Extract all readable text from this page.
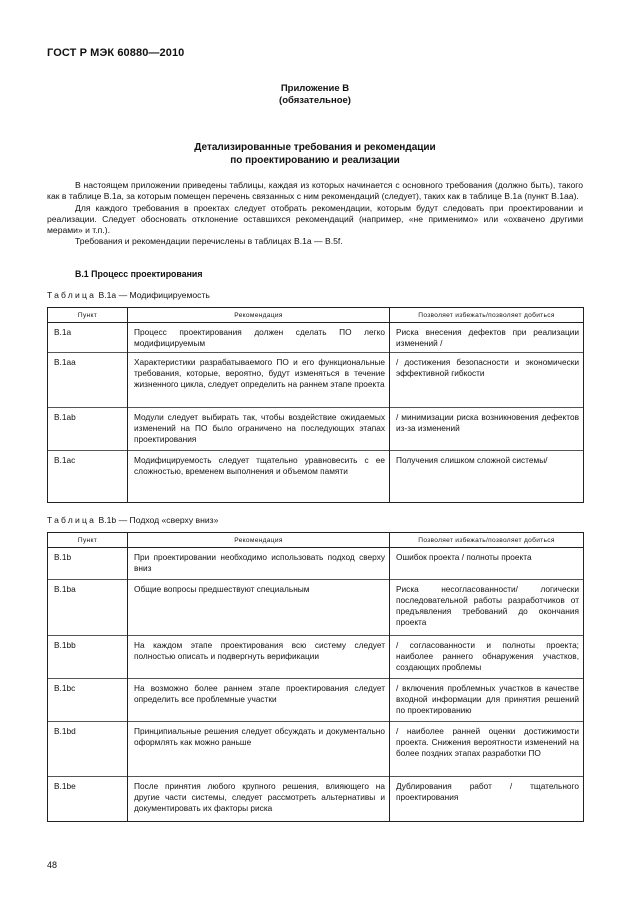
ГОСТ Р МЭК 60880—2010
Приложение B
(обязательное)
Детализированные требования и рекомендации
по проектированию и реализации

В настоящем приложении приведены таблицы, каждая из которых начинается с основного требования (должно быть), такого как в таблице B.1a, за которым помещен перечень связанных с ним рекомендаций (следует), таких как в таблице B.1a (пункт B.1aa).

Для каждого требования в проектах следует отобрать рекомендации, которым будут следовать при проектировании и реализации. Следует обосновать отклонение оставшихся рекомендаций (например, «не применимо» или «охвачено другими мерами» и т.п.).

Требования и рекомендации перечислены в таблицах B.1a — B.5f.

B.1 Процесс проектирования
Таблица B.1a — Модифицируемость
Пункт	Рекомендация	Позволяет избежать/позволяет добиться
B.1a	Процесс проектирования должен сделать ПО легко модифицируемым	Риска внесения дефектов при реализации изменений /
B.1aa	Характеристики разрабатываемого ПО и его функциональные требования, которые, вероятно, будут изменяться в течение жизненного цикла, следует определить на раннем этапе проекта	/ достижения безопасности и экономически эффективной гибкости
B.1ab	Модули следует выбирать так, чтобы воздействие ожидаемых изменений на ПО было ограничено на последующих этапах проектирования	/ минимизации риска возникновения дефектов из-за изменений
B.1ac	Модифицируемость следует тщательно уравновесить с ее сложностью, временем выполнения и объемом памяти	Получения слишком сложной системы/
Таблица B.1b — Подход «сверху вниз»
Пункт	Рекомендация	Позволяет избежать/позволяет добиться
B.1b	При проектировании необходимо использовать подход сверху вниз	Ошибок проекта / полноты проекта
B.1ba	Общие вопросы предшествуют специальным	Риска несогласованности/ логически последовательной работы разработчиков от предъявления требований до окончания проекта
B.1bb	На каждом этапе проектирования всю систему следует полностью описать и подвергнуть верификации	/ согласованности и полноты проекта; наиболее раннего обнаружения участков, создающих проблемы
B.1bc	На возможно более раннем этапе проектирования следует определить все проблемные участки	/ включения проблемных участков в качестве входной информации для принятия решений по проектированию
B.1bd	Принципиальные решения следует обсуждать и документально оформлять как можно раньше	/ наиболее ранней оценки достижимости проекта. Снижения вероятности изменений на более поздних этапах разработки ПО
B.1be	После принятия любого крупного решения, влияющего на другие части системы, следует рассмотреть альтернативы и документировать их факторы риска	Дублирования работ / тщательного проектирования
48
